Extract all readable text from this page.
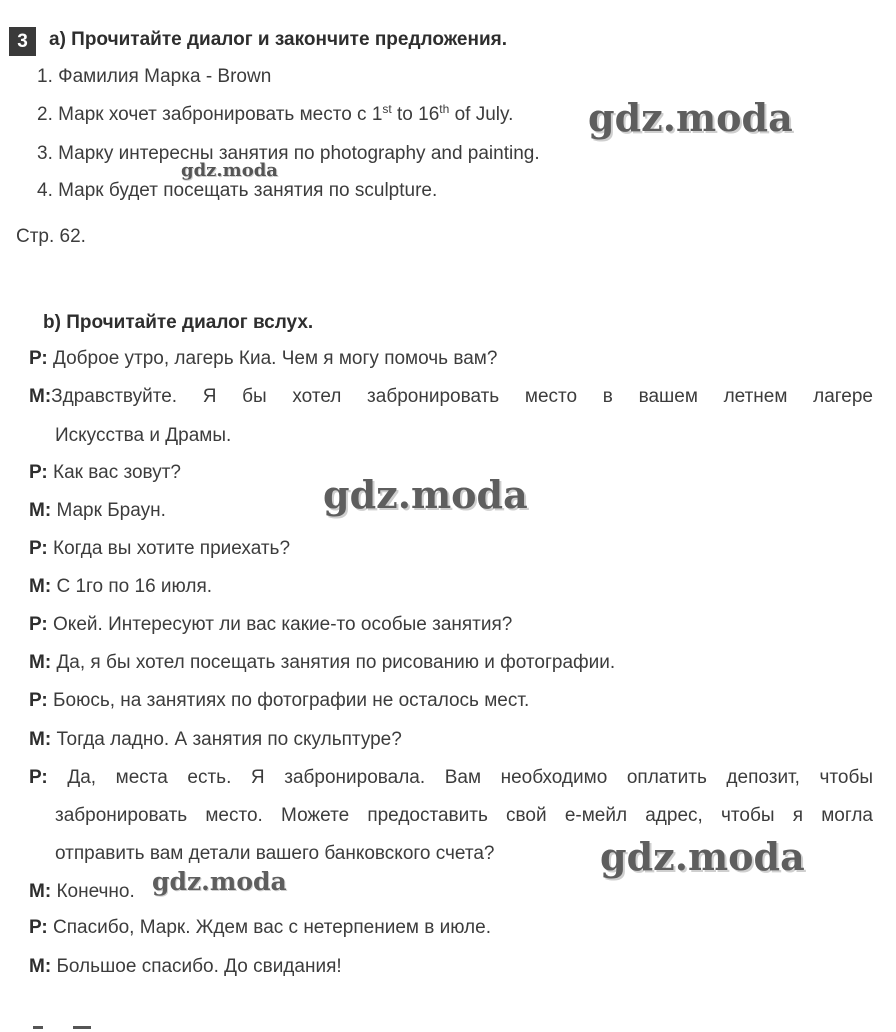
3	а) Прочитайте диалог и закончите предложения.
1. Фамилия Марка - Brown
2. Марк хочет забронировать место с 1st to 16th of July.
3. Марку интересны занятия по photography and painting.
4. Марк будет посещать занятия по sculpture.
Стр. 62.
b) Прочитайте диалог вслух.
Р: Доброе утро, лагерь Киа. Чем я могу помочь вам?
М:Здравствуйте. Я бы хотел забронировать место в вашем летнем лагере
Искусства и Драмы.
Р: Как вас зовут?
М: Марк Браун.
Р: Когда вы хотите приехать?
М: С 1го по 16 июля.
Р: Окей. Интересуют ли вас какие-то особые занятия?
М: Да, я бы хотел посещать занятия по рисованию и фотографии.
Р: Боюсь, на занятиях по фотографии не осталось мест.
М: Тогда ладно. А занятия по скульптуре?
Р: Да, места есть. Я забронировала. Вам необходимо оплатить депозит, чтобы
забронировать место. Можете предоставить свой е-мейл адрес, чтобы я могла
отправить вам детали вашего банковского счета?
М: Конечно.
Р: Спасибо, Марк. Ждем вас с нетерпением в июле.
М: Большое спасибо. До свидания!
gdz.moda
gdz.moda
gdz.moda
gdz.moda
gdz.moda
